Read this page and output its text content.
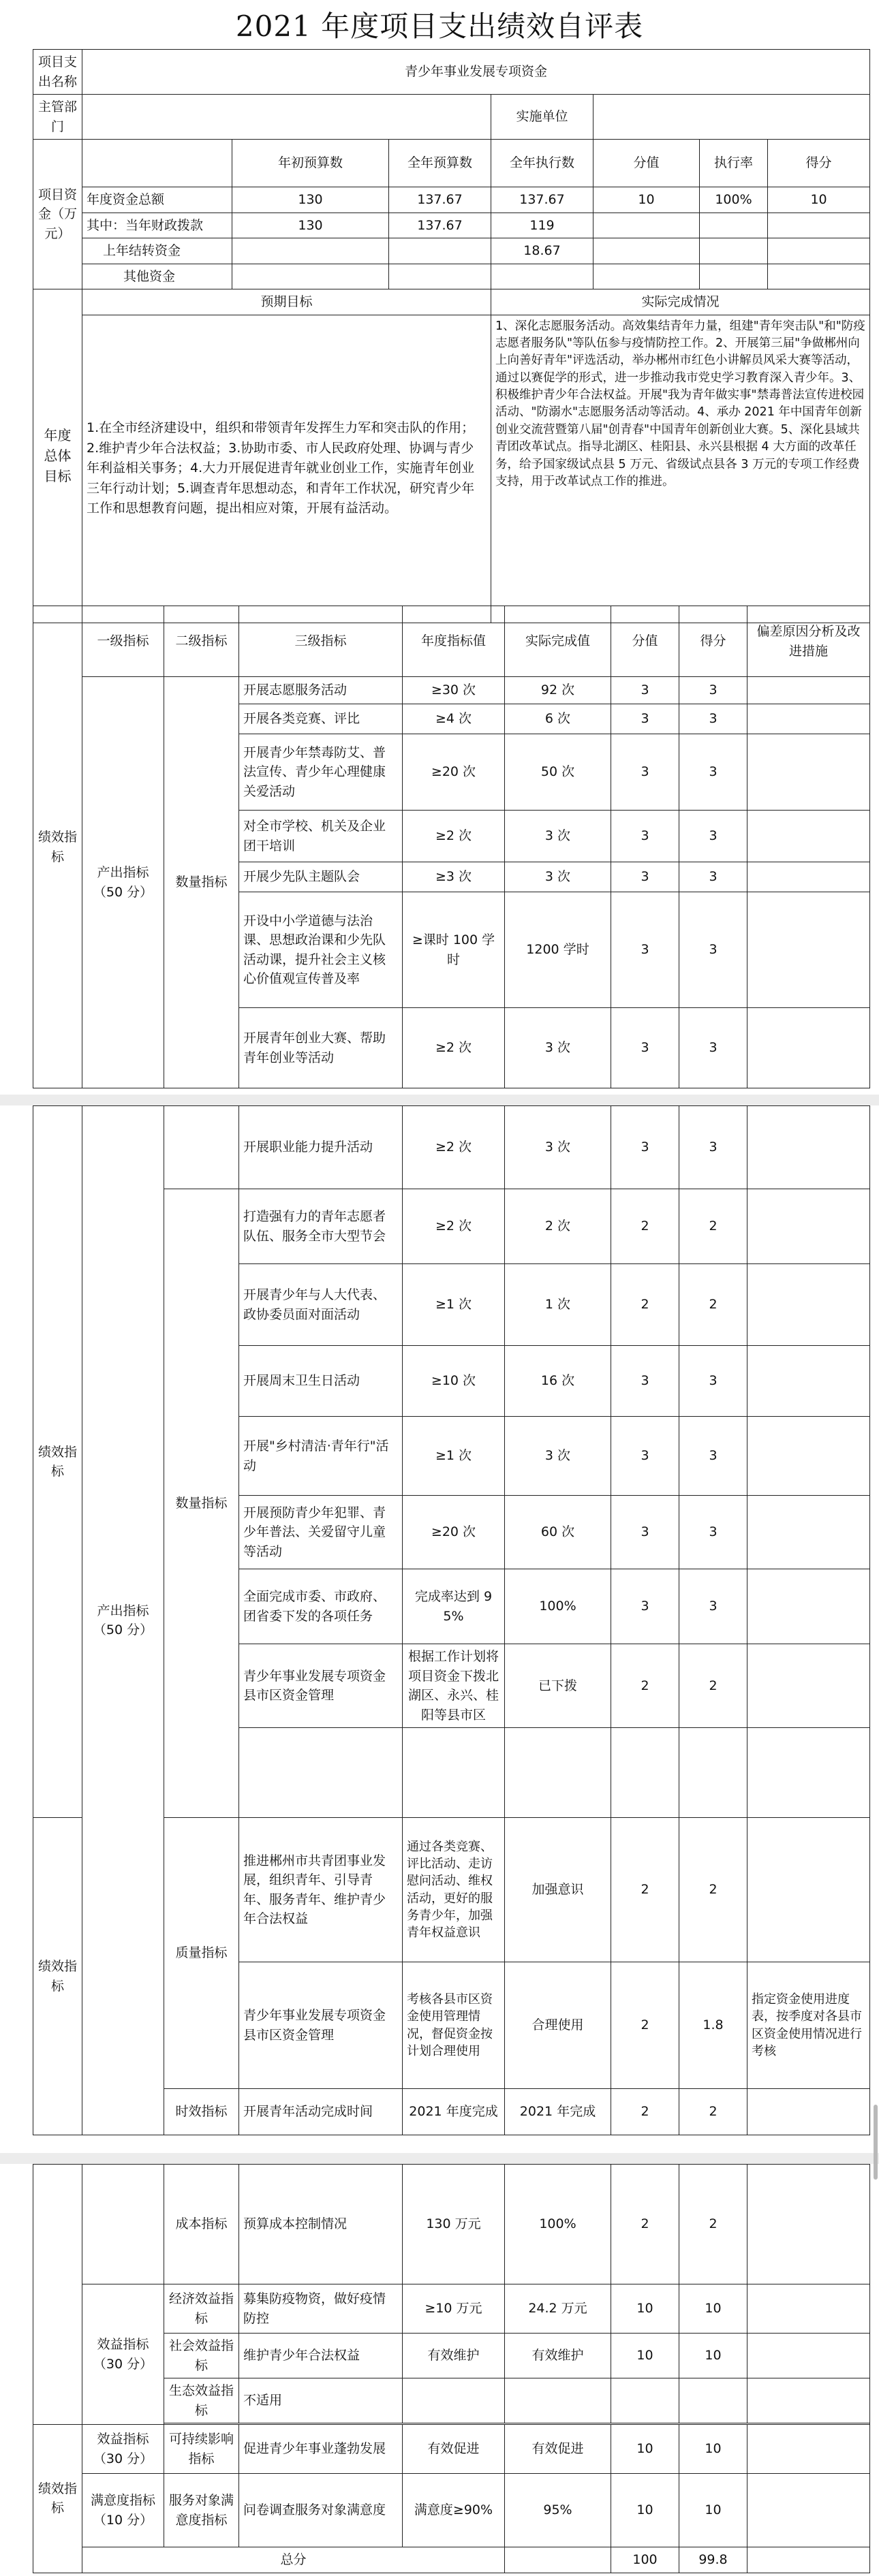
2021 年度项目支出绩效自评表
项目支出名称	青少年事业发展专项资金						
主管部门				实施单位			
项目资金（万元）		年初预算数	全年预算数	全年执行数	分值	执行率	得分
	年度资金总额	130	137.67	137.67	10	100%	10
	其中：当年财政拨款	130	137.67	119			
	上年结转资金			18.67			
	其他资金						
年度总体目标	预期目标			实际完成情况			
	1.在全市经济建设中，组织和带领青年发挥生力军和突击队的作用；2.维护青少年合法权益；3.协助市委、市人民政府处理、协调与青少年利益相关事务；4.大力开展促进青年就业创业工作，实施青年创业三年行动计划；5.调查青年思想动态，和青年工作状况，研究青少年工作和思想教育问题，提出相应对策，开展有益活动。			1、深化志愿服务活动。高效集结青年力量，组建"青年突击队"和"防疫志愿者服务队"等队伍参与疫情防控工作。2、开展第三届"争做郴州向上向善好青年"评选活动，举办郴州市红色小讲解员风采大赛等活动，通过以赛促学的形式，进一步推动我市党史学习教育深入青少年。3、积极维护青少年合法权益。开展"我为青年做实事"禁毒普法宣传进校园活动、"防溺水"志愿服务活动等活动。4、承办 2021 年中国青年创新创业交流营暨第八届"创青春"中国青年创新创业大赛。5、深化县域共青团改革试点。指导北湖区、桂阳县、永兴县根据 4 大方面的改革任务，给予国家级试点县 5 万元、省级试点县各 3 万元的专项工作经费支持，用于改革试点工作的推进。			
绩效指标	一级指标	二级指标	三级指标	年度指标值	实际完成值	分值	得分	偏差原因分析及改进措施
	产出指标（50 分）	数量指标	开展志愿服务活动	≥30 次	92 次	3	3	
			开展各类竞赛、评比	≥4 次	6 次	3	3	
			开展青少年禁毒防艾、普法宣传、青少年心理健康关爱活动	≥20 次	50 次	3	3	
			对全市学校、机关及企业团干培训	≥2 次	3 次	3	3	
			开展少先队主题队会	≥3 次	3 次	3	3	
			开设中小学道德与法治课、思想政治课和少先队活动课，提升社会主义核心价值观宣传普及率	≥课时 100 学时	1200 学时	3	3	
			开展青年创业大赛、帮助青年创业等活动	≥2 次	3 次	3	3	
绩效指标	产出指标（50 分）		开展职业能力提升活动	≥2 次	3 次	3	3	
		数量指标	打造强有力的青年志愿者队伍、服务全市大型节会	≥2 次	2 次	2	2	
			开展青少年与人大代表、政协委员面对面活动	≥1 次	1 次	2	2	
			开展周末卫生日活动	≥10 次	16 次	3	3	
			开展"乡村清洁·青年行"活动	≥1 次	3 次	3	3	
			开展预防青少年犯罪、青少年普法、关爱留守儿童等活动	≥20 次	60 次	3	3	
			全面完成市委、市政府、团省委下发的各项任务	完成率达到 95%	100%	3	3	
			青少年事业发展专项资金县市区资金管理	根据工作计划将项目资金下拨北湖区、永兴、桂阳等县市区	已下拨	2	2	

绩效指标		质量指标	推进郴州市共青团事业发展，组织青年、引导青年、服务青年、维护青少年合法权益	通过各类竞赛、评比活动、走访慰问活动、维权活动，更好的服务青少年，加强青年权益意识	加强意识	2	2	
			青少年事业发展专项资金县市区资金管理	考核各县市区资金使用管理情况，督促资金按计划合理使用	合理使用	2	1.8	指定资金使用进度表，按季度对各县市区资金使用情况进行考核
		时效指标	开展青年活动完成时间	2021 年度完成	2021 年完成	2	2	
		成本指标	预算成本控制情况	130 万元	100%	2	2	
	效益指标（30 分）	经济效益指标	募集防疫物资，做好疫情防控	≥10 万元	24.2 万元	10	10	
		社会效益指标	维护青少年合法权益	有效维护	有效维护	10	10	
		生态效益指标	不适用					

绩效指标	效益指标（30 分）	可持续影响指标	促进青少年事业蓬勃发展	有效促进	有效促进	10	10	
	满意度指标（10 分）	服务对象满意度指标	问卷调查服务对象满意度	满意度≥90%	95%	10	10	
	总分					100	99.8	
